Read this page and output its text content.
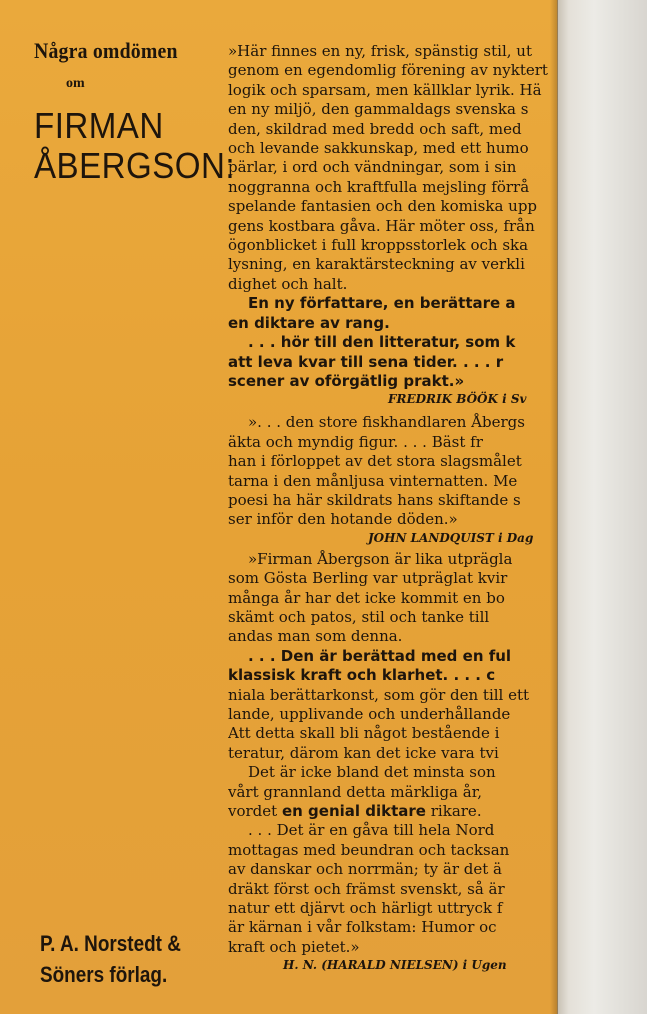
Några omdömen

om

FIRMAN
ÅBERGSON:
P. A. Norstedt &
Söners förlag.

»Här finnes en ny, frisk, spänstig stil, ut

genom en egendomlig förening av nyktert

logik och sparsam, men källklar lyrik. Hä

en ny miljö, den gammaldags svenska s

den, skildrad med bredd och saft, med

och levande sakkunskap, med ett humo

pärlar, i ord och vändningar, som i sin

noggranna och kraftfulla mejsling förrå

spelande fantasien och den komiska upp

gens kostbara gåva. Här möter oss, från

ögonblicket i full kroppsstorlek och ska

lysning, en karaktärsteckning av verkli

dighet och halt.

En ny författare, en berättare a

en diktare av rang.

. . . hör till den litteratur, som k

att leva kvar till sena tider. . . . r

scener av oförgätlig prakt.»

FREDRIK BÖÖK i Sv

». . . den store fiskhandlaren Åbergs

äkta och myndig figur. . . . Bäst fr

han i förloppet av det stora slagsmålet

tarna i den månljusa vinternatten. Me

poesi ha här skildrats hans skiftande s

ser inför den hotande döden.»

JOHN LANDQUIST i Dag

»Firman Åbergson är lika utprägla

som Gösta Berling var utpräglat kvir

många år har det icke kommit en bo

skämt och patos, stil och tanke till

andas man som denna.

. . . Den är berättad med en ful

klassisk kraft och klarhet. . . . c

niala berättarkonst, som gör den till ett

lande, upplivande och underhållande

Att detta skall bli något bestående i

teratur, därom kan det icke vara tvi

Det är icke bland det minsta son

vårt grannland detta märkliga år,

vordet en genial diktare rikare.

. . . Det är en gåva till hela Nord

mottagas med beundran och tacksan

av danskar och norrmän; ty är det ä

dräkt först och främst svenskt, så är

natur ett djärvt och härligt uttryck f

är kärnan i vår folkstam: Humor oc

kraft och pietet.»

H. N. (HARALD NIELSEN) i Ugen
